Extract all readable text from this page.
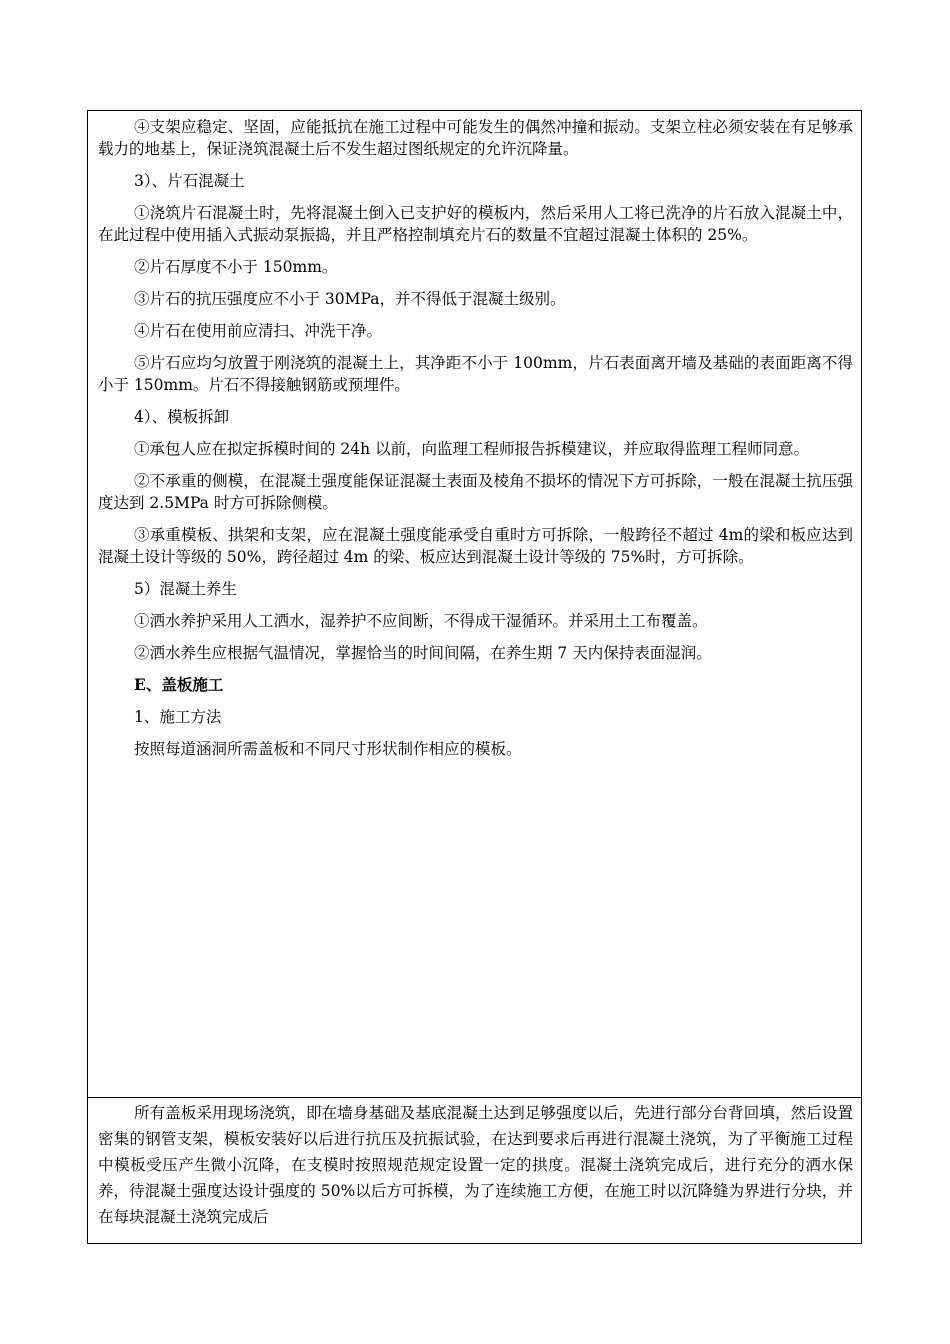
④支架应稳定、坚固，应能抵抗在施工过程中可能发生的偶然冲撞和振动。支架立柱必须安装在有足够承载力的地基上，保证浇筑混凝土后不发生超过图纸规定的允许沉降量。

3）、片石混凝土

①浇筑片石混凝土时，先将混凝土倒入已支护好的模板内，然后采用人工将已洗净的片石放入混凝土中，在此过程中使用插入式振动泵振捣，并且严格控制填充片石的数量不宜超过混凝土体积的 25%。

②片石厚度不小于 150mm。

③片石的抗压强度应不小于 30MPa，并不得低于混凝土级别。

④片石在使用前应清扫、冲洗干净。

⑤片石应均匀放置于刚浇筑的混凝土上，其净距不小于 100mm，片石表面离开墙及基础的表面距离不得小于 150mm。片石不得接触钢筋或预埋件。

4）、模板拆卸

①承包人应在拟定拆模时间的 24h 以前，向监理工程师报告拆模建议，并应取得监理工程师同意。

②不承重的侧模，在混凝土强度能保证混凝土表面及棱角不损坏的情况下方可拆除，一般在混凝土抗压强度达到 2.5MPa 时方可拆除侧模。

③承重模板、拱架和支架，应在混凝土强度能承受自重时方可拆除，一般跨径不超过 4m的梁和板应达到混凝土设计等级的 50%，跨径超过 4m 的梁、板应达到混凝土设计等级的 75%时，方可拆除。

5）混凝土养生

①洒水养护采用人工洒水，湿养护不应间断，不得成干湿循环。并采用土工布覆盖。

②洒水养生应根据气温情况，掌握恰当的时间间隔，在养生期 7 天内保持表面湿润。

E、盖板施工

1、施工方法

按照每道涵洞所需盖板和不同尺寸形状制作相应的模板。

所有盖板采用现场浇筑，即在墙身基础及基底混凝土达到足够强度以后，先进行部分台背回填，然后设置密集的钢管支架，模板安装好以后进行抗压及抗振试验，在达到要求后再进行混凝土浇筑，为了平衡施工过程中模板受压产生微小沉降，在支模时按照规范规定设置一定的拱度。混凝土浇筑完成后，进行充分的洒水保养，待混凝土强度达设计强度的 50%以后方可拆模，为了连续施工方便，在施工时以沉降缝为界进行分块，并在每块混凝土浇筑完成后
